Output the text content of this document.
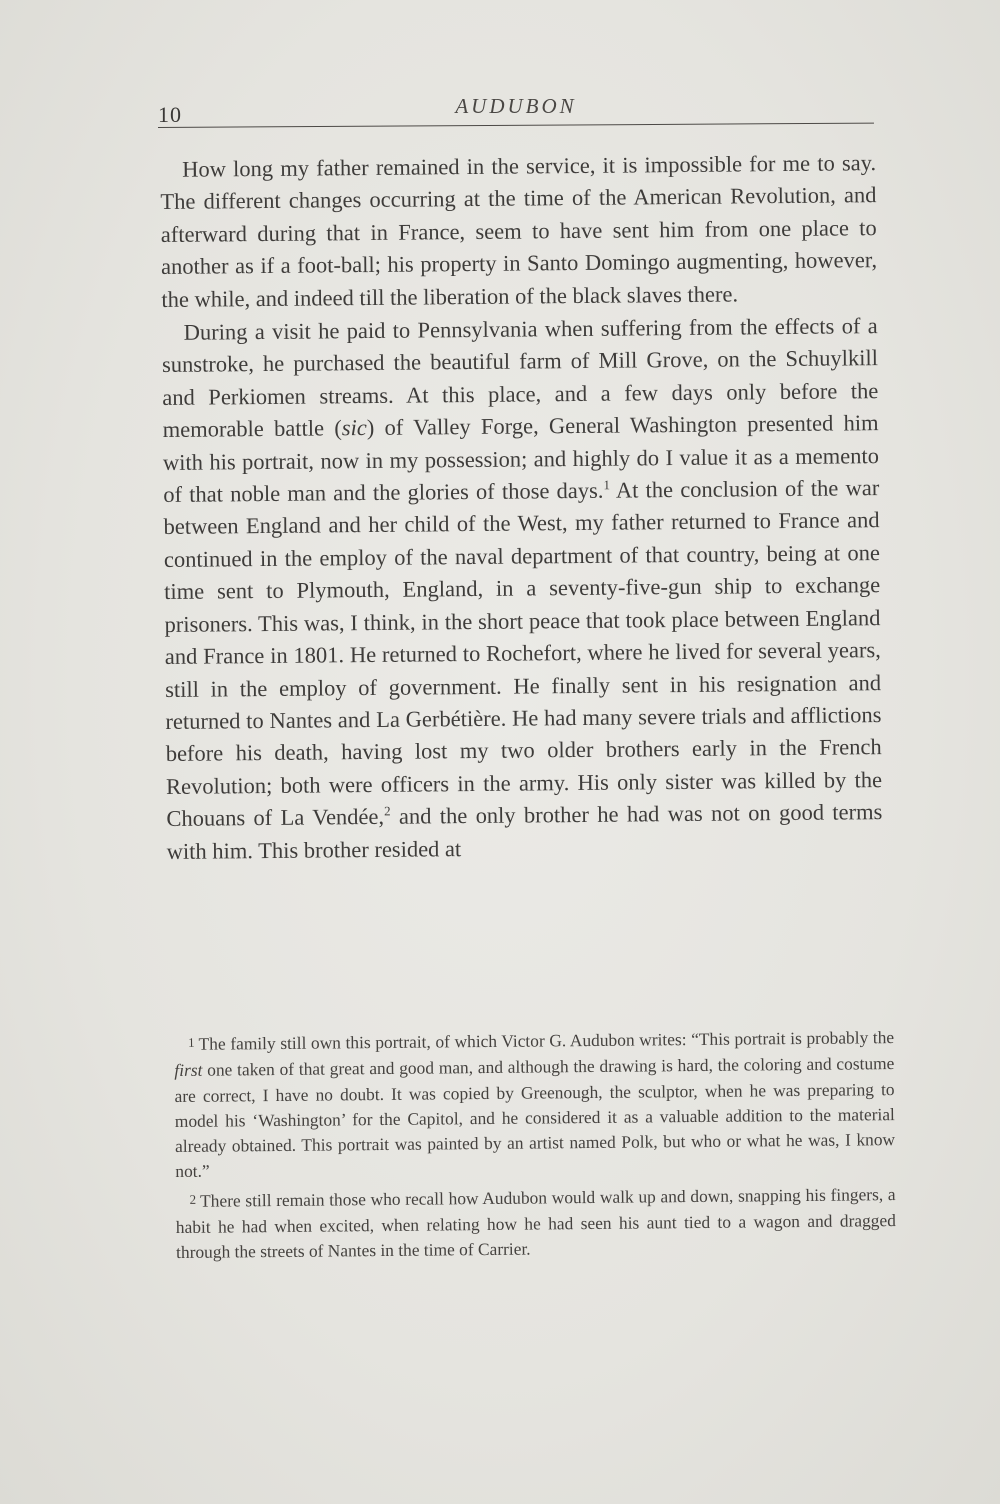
10	AUDUBON

How long my father remained in the service, it is impossible for me to say. The different changes occurring at the time of the American Revolution, and afterward during that in France, seem to have sent him from one place to another as if a foot-ball; his property in Santo Domingo augmenting, however, the while, and indeed till the liberation of the black slaves there.

During a visit he paid to Pennsylvania when suffering from the effects of a sunstroke, he purchased the beautiful farm of Mill Grove, on the Schuylkill and Perkiomen streams. At this place, and a few days only before the memorable battle (sic) of Valley Forge, General Washington presented him with his portrait, now in my possession; and highly do I value it as a memento of that noble man and the glories of those days.$^1$ At the conclusion of the war between England and her child of the West, my father returned to France and continued in the employ of the naval department of that country, being at one time sent to Plymouth, England, in a seventy-five-gun ship to exchange prisoners. This was, I think, in the short peace that took place between England and France in 1801. He returned to Rochefort, where he lived for several years, still in the employ of government. He finally sent in his resignation and returned to Nantes and La Gerbétière. He had many severe trials and afflictions before his death, having lost my two older brothers early in the French Revolution; both were officers in the army. His only sister was killed by the Chouans of La Vendée,$^2$ and the only brother he had was not on good terms with him. This brother resided at

1 The family still own this portrait, of which Victor G. Audubon writes: “This portrait is probably the first one taken of that great and good man, and although the drawing is hard, the coloring and costume are correct, I have no doubt. It was copied by Greenough, the sculptor, when he was preparing to model his ‘Washington’ for the Capitol, and he considered it as a valuable addition to the material already obtained. This portrait was painted by an artist named Polk, but who or what he was, I know not.”

2 There still remain those who recall how Audubon would walk up and down, snapping his fingers, a habit he had when excited, when relating how he had seen his aunt tied to a wagon and dragged through the streets of Nantes in the time of Carrier.
